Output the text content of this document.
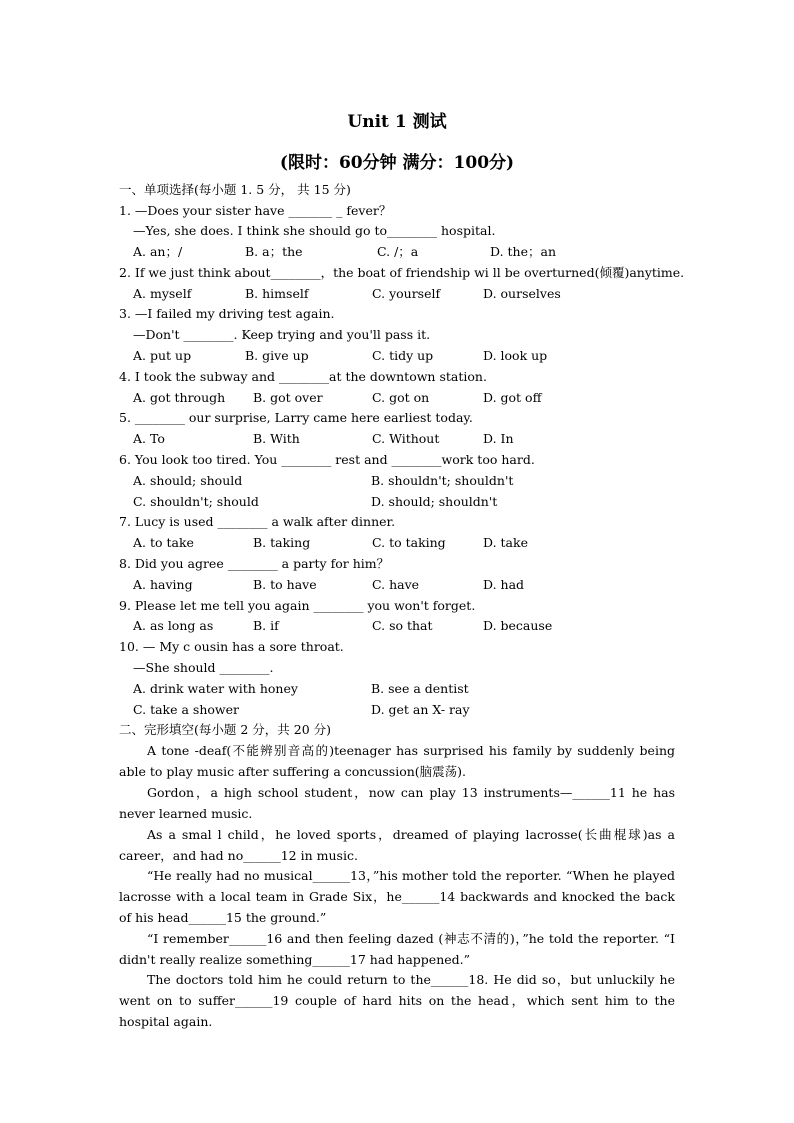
Unit 1 测试
(限时：60分钟 满分：100分)
一、单项选择(每小题 1. 5 分， 共 15 分)
1. —Does your sister have _______ _ fever？
—Yes, she does. I think she should go to________ hospital.
A. an；/	B. a；the	C. /；a	D. the；an
2. If we just think about________，the boat of friendship wi ll be overturned(倾覆)anytime.
A. myself	B. himself	C. yourself	D. ourselves
3. —I failed my driving test again.
—Don't ________. Keep trying and you'll pass it.
A. put up	B. give up	C. tidy up	D. look up
4. I took the subway and ________at the downtown station.
A. got through B. got over	C. got on	D. got off
5. ________ our surprise, Larry came here earliest today.
A. To	B. With	C. Without	D. In
6. You look too tired. You ________ rest and ________work too hard.
A. should; should	B. shouldn't; shouldn't
C. shouldn't; should	D. should; shouldn't
7. Lucy is used ________ a walk after dinner.
A. to take	B. taking	C. to taking	D. take
8. Did you agree ________ a party for him？
A. having	B. to have	C. have	D. had
9. Please let me tell you again ________ you won't forget.
A. as long as	B. if	C. so that	D. because
10. — My c ousin has a sore throat.
—She should ________.
A. drink water with honey	B. see a dentist
C. take a shower	D. get an X- ray
二、完形填空(每小题 2 分，共 20 分)
A tone -deaf(不能辨别音高的)teenager has surprised his family by suddenly being able to play music after suffering a concussion(脑震荡).
Gordon，a high school student，now can play 13 instruments—______11 he has never learned music.
As a smal l child，he loved sports，dreamed of playing lacrosse(长曲棍球)as a career，and had no______12 in music.
“He really had no musical______13，”his mother told the reporter. “When he played lacrosse with a local team in Grade Six，he______14 backwards and knocked the back of his head______15 the ground.”
“I remember______16 and then feeling dazed (神志不清的)，”he told the reporter. “I didn't really realize something______17 had happened.”
The doctors told him he could return to the______18. He did so，but unluckily he went on to suffer______19 couple of hard hits on the head，which sent him to the hospital again.
